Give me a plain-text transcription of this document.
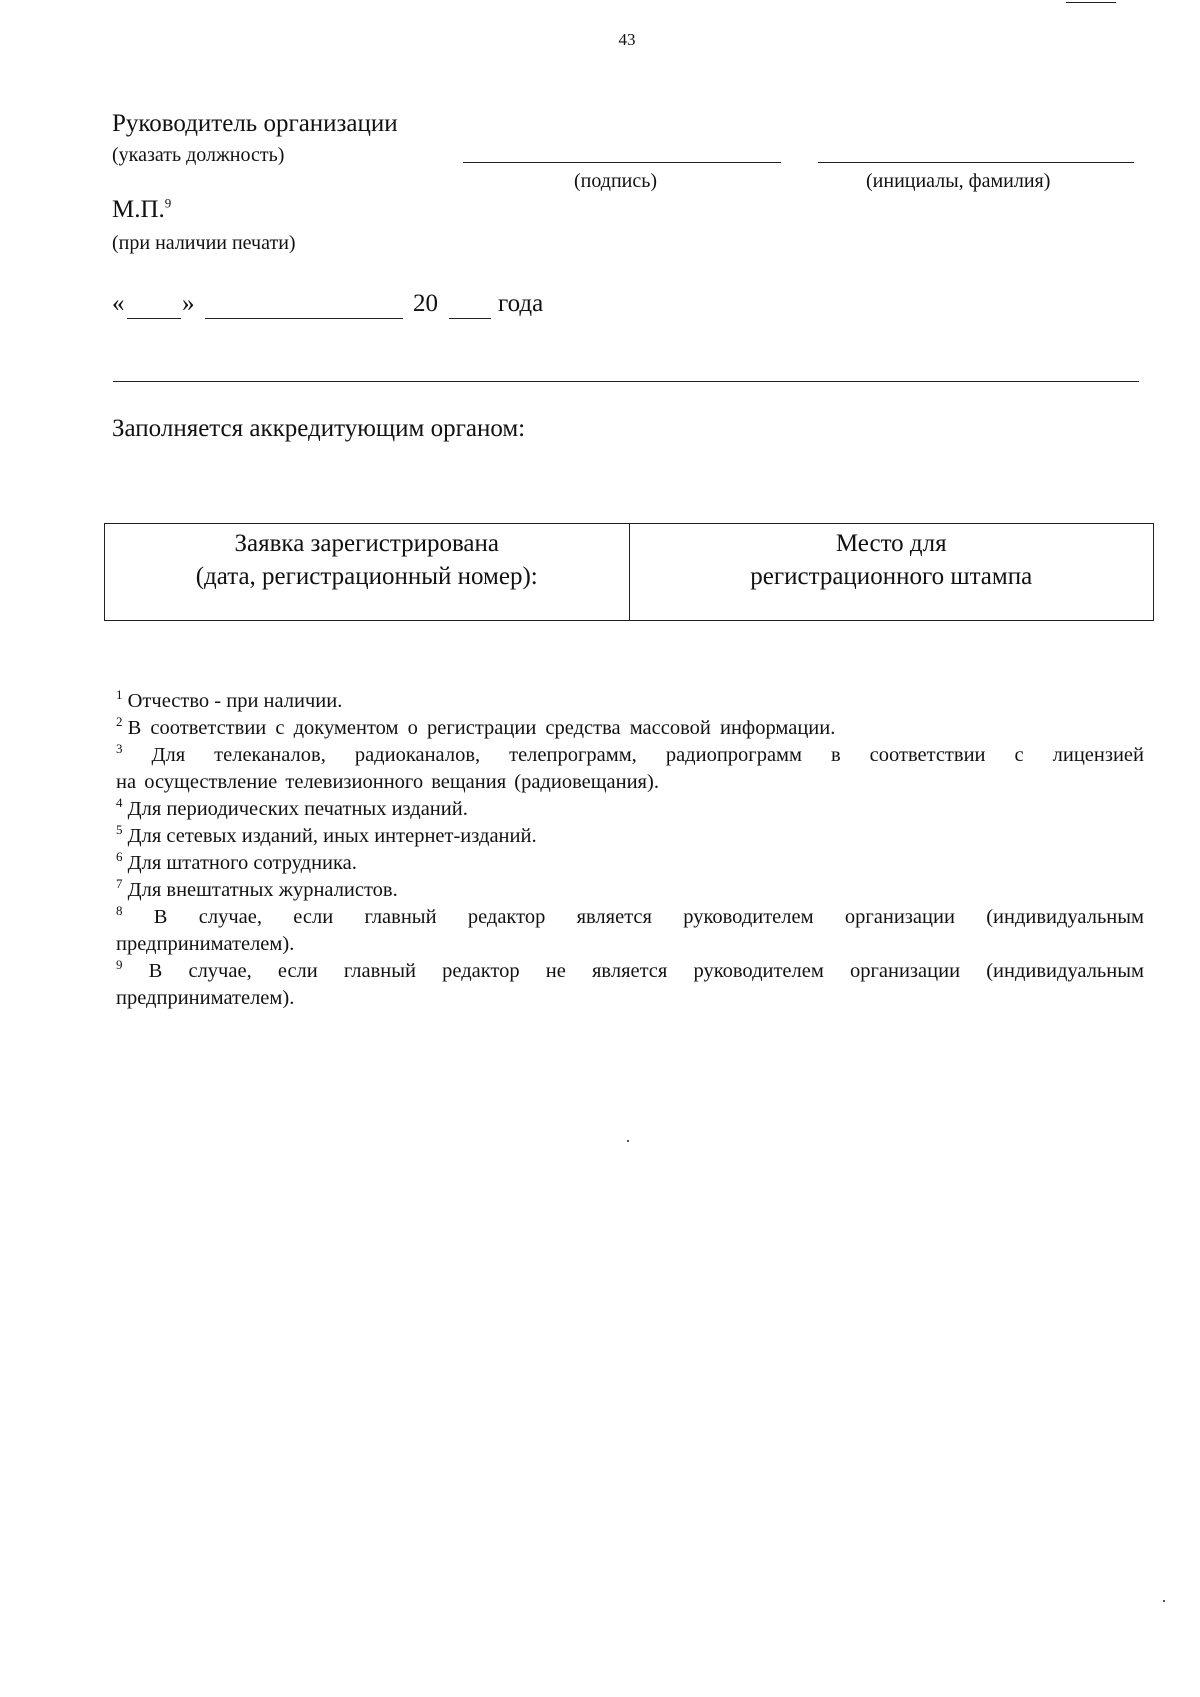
43
Руководитель организации
(указать должность)
(подпись)	(инициалы, фамилия)
М.П.$^9$
(при наличии печати)
« »	20 года
Заполняется аккредитующим органом:
Заявка зарегистрирована
(дата, регистрационный номер):

Место для
регистрационного штампа

$^1$ Отчество - при наличии.

$^2$ В соответствии с документом о регистрации средства массовой информации.

$^3$ Для телеканалов, радиоканалов, телепрограмм, радиопрограмм в соответствии с лицензией

на осуществление телевизионного вещания (радиовещания).

$^4$ Для периодических печатных изданий.

$^5$ Для сетевых изданий, иных интернет-изданий.

$^6$ Для штатного сотрудника.

$^7$ Для внештатных журналистов.

$^8$ В случае, если главный редактор является руководителем организации (индивидуальным

предпринимателем).

$^9$ В случае, если главный редактор не является руководителем организации (индивидуальным

предпринимателем).
